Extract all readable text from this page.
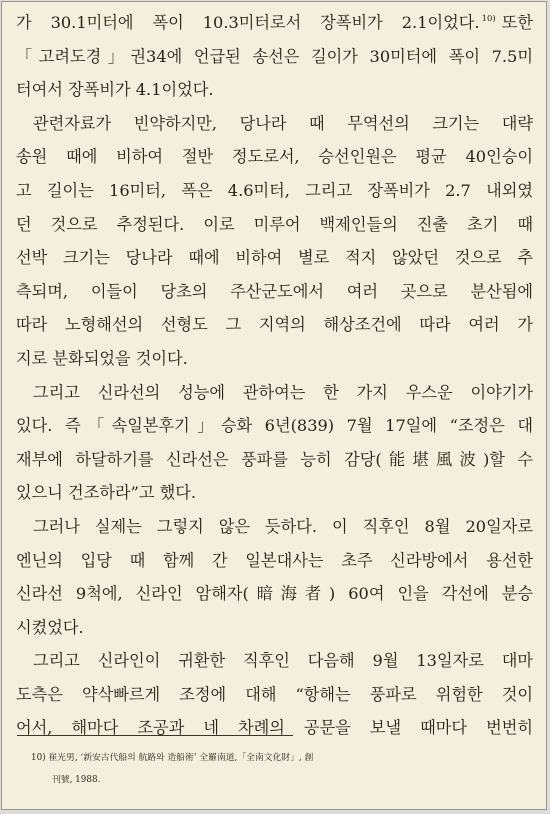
가 30.1미터에 폭이 10.3미터로서 장폭비가 2.1이었다. $^{10)}$ 또한
「고려도경」권34에 언급된 송선은 길이가 30미터에 폭이 7.5미
터여서 장폭비가 4.1이었다.
관련자료가 빈약하지만, 당나라 때 무역선의 크기는 대략
송원 때에 비하여 절반 정도로서, 승선인원은 평균 40인승이
고 길이는 16미터, 폭은 4.6미터, 그리고 장폭비가 2.7 내외였
던 것으로 추정된다. 이로 미루어 백제인들의 진출 초기 때
선박 크기는 당나라 때에 비하여 별로 적지 않았던 것으로 추
측되며, 이들이 당초의 주산군도에서 여러 곳으로 분산됨에
따라 노형해선의 선형도 그 지역의 해상조건에 따라 여러 가
지로 분화되었을 것이다.
그리고 신라선의 성능에 관하여는 한 가지 우스운 이야기가
있다. 즉「속일본후기」승화 6년(839) 7월 17일에 “조정은 대
재부에 하달하기를 신라선은 풍파를 능히 감당(能堪風波)할 수
있으니 건조하라”고 했다.
그러나 실제는 그렇지 않은 듯하다. 이 직후인 8월 20일자로
엔닌의 입당 때 함께 간 일본대사는 초주 신라방에서 용선한
신라선 9척에, 신라인 암해자(暗海者) 60여 인을 각선에 분승
시켰었다.
그리고 신라인이 귀환한 직후인 다음해 9월 13일자로 대마
도측은 약삭빠르게 조정에 대해 “항해는 풍파로 위험한 것이
어서, 해마다 조공과 네 차례의 공문을 보낼 때마다 번번히
10) 崔光男, ‘新安古代船의 航路와 造船術’ 全羅南道,「全南文化財」, 創
刊號, 1988.
